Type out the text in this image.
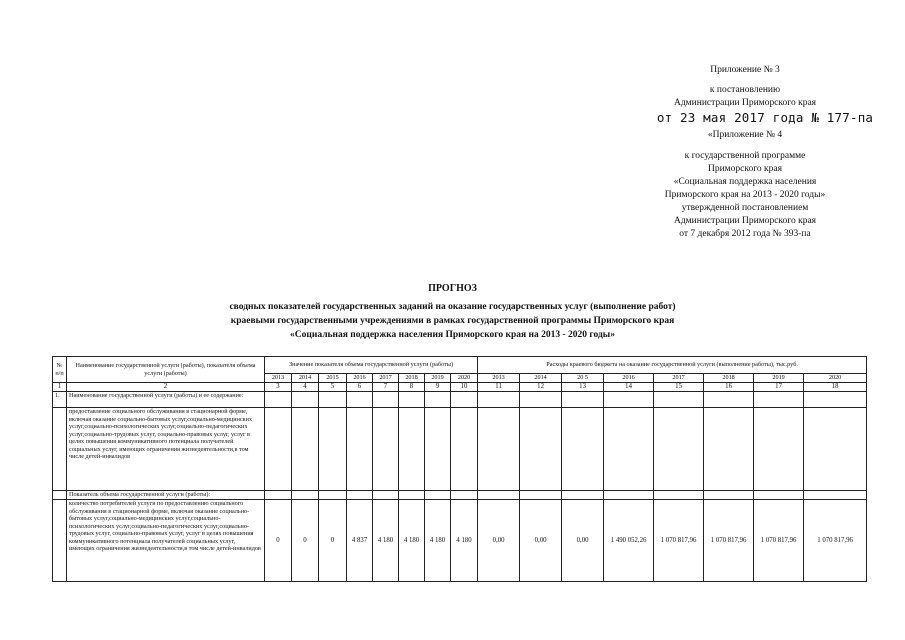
Приложение № 3
к постановлению
Администрации Приморского края
от 23 мая 2017 года № 177-па
«Приложение № 4
к государственной программе
Приморского края
«Социальная поддержка населения
Приморского края на 2013 - 2020 годы»
утвержденной постановлением
Администрации Приморского края
от 7 декабря 2012 года № 393-па
ПРОГНОЗ
сводных показателей государственных заданий на оказание государственных услуг (выполнение работ)
краевыми государственными учреждениями в рамках государственной программы Приморского края
«Социальная поддержка населения Приморского края на 2013 - 2020 годы»
№ п/п	Наименование государственной услуги (работы), показателя объема услуги (работы)	Значение показателя объема государственной услуги (работы)								Расходы краевого бюджета на оказание государственной услуги (выполнение работы), тыс.руб.							
		2013	2014	2015	2016	2017	2018	2019	2020	2013	2014	20 5	2016	2017	2018	2019	2020
1	2	3	4	5	6	7	8	9	10	11	12	13	14	15	16	17	18
1.	Наименование государственной услуги (работы) и ее содержание:																
	предоставление социального обслуживания в стационарной форме, включая оказание социально-бытовых услуг,социально-медицинских услуг,социально-психологических услуг,социально-педагогических услуг,социально-трудовых услуг, социально-правовых услуг, услуг в целях повышения коммуникативного потенциала получателей социальных услуг, имеющих ограничения жизнедеятельности,в том числе детей-инвалидов																
	Показатель объема государственной услуги (работы):																
	количество потребителей услуги по предоставлению социального обслуживания в стационарной форме, включая оказание социально-бытовых услуг,социально-медицинских услуг,социально-психологических услуг,социально-педагогических услуг,социально-трудовых услуг, социально-правовых услуг, услуг в целях повышения коммуникативного потенциала получателей социальных услуг, имеющих ограничения жизнедеятельности,в том числе детей-инвалидов	0	0	0	4 837	4 180	4 180	4 180	4 180	0,00	0,00	0,00	1 490 052,26	1 070 817,96	1 070 817,96	1 070 817,96	1 070 817,96
